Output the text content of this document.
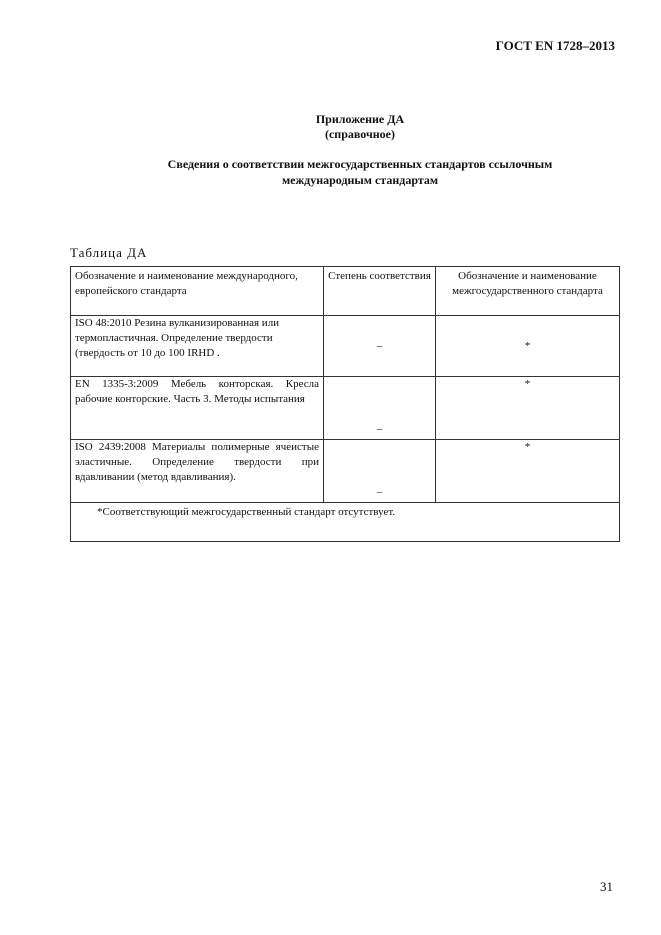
ГОСТ EN 1728–2013
Приложение ДА
(справочное)
Сведения о соответствии межгосударственных стандартов ссылочным
международным стандартам
Таблица ДА
Обозначение и наименование международного, европейского стандарта	Степень соответствия	Обозначение и наименование межгосударственного стандарта
ISO 48:2010 Резина вулканизированная или термопластичная. Определение твердости (твердость от 10 до 100 IRHD .	–	*
EN 1335-3:2009 Мебель конторская. Кресла рабочие конторские. Часть 3. Методы испытания	–	*
ISO 2439:2008 Материалы полимерные ячеистые эластичные. Определение твердости при вдавливании (метод вдавливания).	–	*
*Соответствующий межгосударственный стандарт отсутствует.		
31
